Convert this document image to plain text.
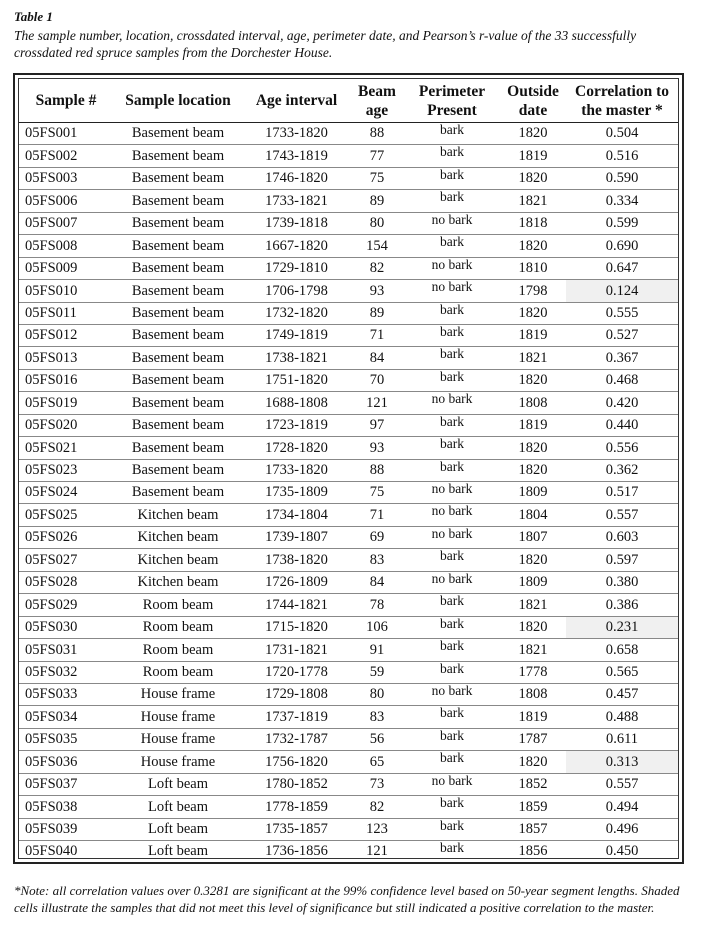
Table 1
The sample number, location, crossdated interval, age, perimeter date, and Pearson’s r-value of the 33 successfully crossdated red spruce samples from the Dorchester House.
Sample #	Sample location	Age interval	Beam age	Perimeter Present	Outside date	Correlation to the master *
05FS001	Basement beam	1733-1820	88	bark	1820	0.504
05FS002	Basement beam	1743-1819	77	bark	1819	0.516
05FS003	Basement beam	1746-1820	75	bark	1820	0.590
05FS006	Basement beam	1733-1821	89	bark	1821	0.334
05FS007	Basement beam	1739-1818	80	no bark	1818	0.599
05FS008	Basement beam	1667-1820	154	bark	1820	0.690
05FS009	Basement beam	1729-1810	82	no bark	1810	0.647
05FS010	Basement beam	1706-1798	93	no bark	1798	0.124
05FS011	Basement beam	1732-1820	89	bark	1820	0.555
05FS012	Basement beam	1749-1819	71	bark	1819	0.527
05FS013	Basement beam	1738-1821	84	bark	1821	0.367
05FS016	Basement beam	1751-1820	70	bark	1820	0.468
05FS019	Basement beam	1688-1808	121	no bark	1808	0.420
05FS020	Basement beam	1723-1819	97	bark	1819	0.440
05FS021	Basement beam	1728-1820	93	bark	1820	0.556
05FS023	Basement beam	1733-1820	88	bark	1820	0.362
05FS024	Basement beam	1735-1809	75	no bark	1809	0.517
05FS025	Kitchen beam	1734-1804	71	no bark	1804	0.557
05FS026	Kitchen beam	1739-1807	69	no bark	1807	0.603
05FS027	Kitchen beam	1738-1820	83	bark	1820	0.597
05FS028	Kitchen beam	1726-1809	84	no bark	1809	0.380
05FS029	Room beam	1744-1821	78	bark	1821	0.386
05FS030	Room beam	1715-1820	106	bark	1820	0.231
05FS031	Room beam	1731-1821	91	bark	1821	0.658
05FS032	Room beam	1720-1778	59	bark	1778	0.565
05FS033	House frame	1729-1808	80	no bark	1808	0.457
05FS034	House frame	1737-1819	83	bark	1819	0.488
05FS035	House frame	1732-1787	56	bark	1787	0.611
05FS036	House frame	1756-1820	65	bark	1820	0.313
05FS037	Loft beam	1780-1852	73	no bark	1852	0.557
05FS038	Loft beam	1778-1859	82	bark	1859	0.494
05FS039	Loft beam	1735-1857	123	bark	1857	0.496
05FS040	Loft beam	1736-1856	121	bark	1856	0.450
*Note: all correlation values over 0.3281 are significant at the 99% confidence level based on 50-year segment lengths. Shaded cells illustrate the samples that did not meet this level of significance but still indicated a positive correlation to the master.
